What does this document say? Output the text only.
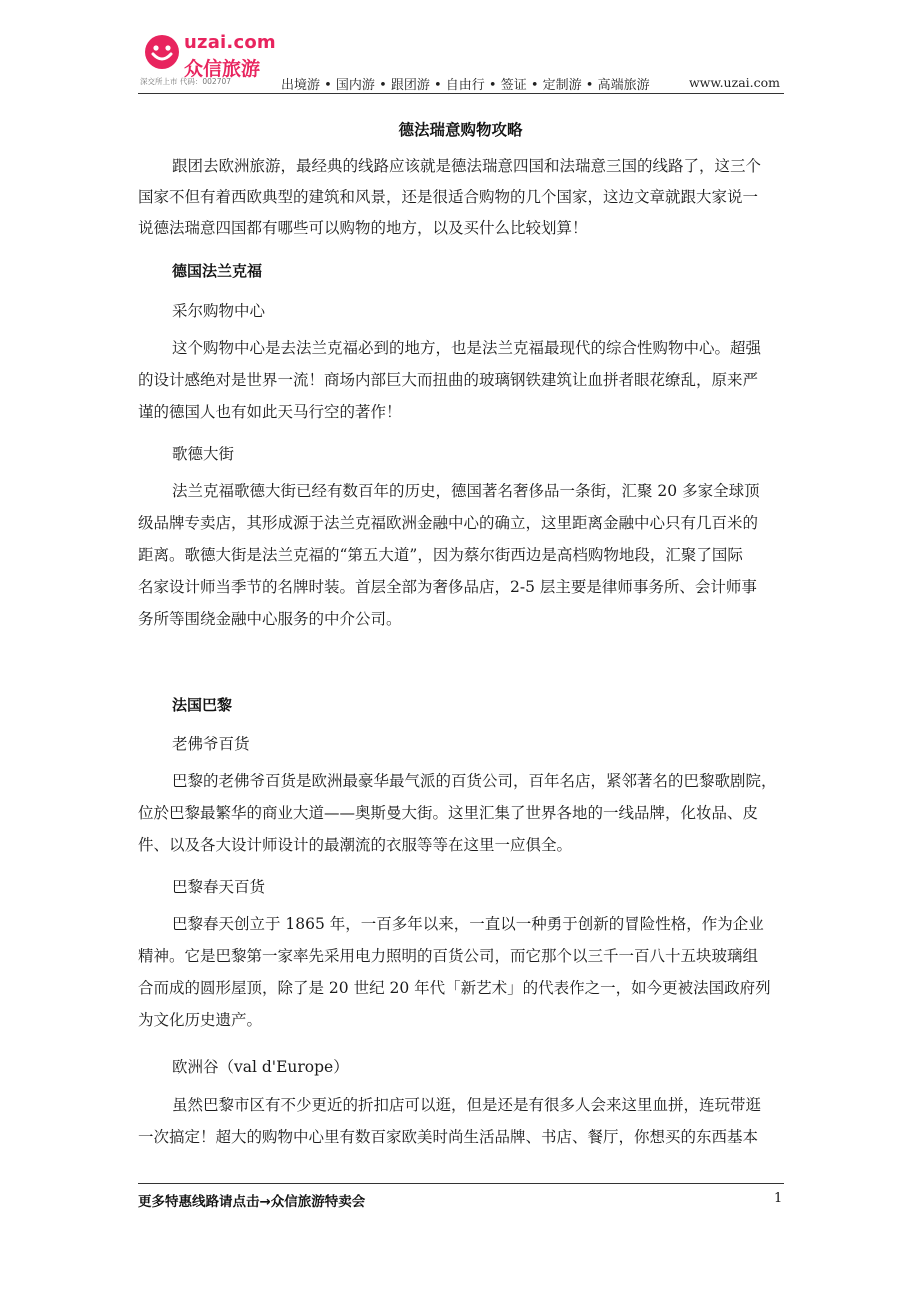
uzai.com
众信旅游
深交所上市 代码：002707	出境游 • 国内游 • 跟团游 • 自由行 • 签证 • 定制游 • 高端旅游	www.uzai.com
德法瑞意购物攻略
跟团去欧洲旅游，最经典的线路应该就是德法瑞意四国和法瑞意三国的线路了，这三个
国家不但有着西欧典型的建筑和风景，还是很适合购物的几个国家，这边文章就跟大家说一
说德法瑞意四国都有哪些可以购物的地方，以及买什么比较划算！
德国法兰克福
采尔购物中心
这个购物中心是去法兰克福必到的地方，也是法兰克福最现代的综合性购物中心。超强
的设计感绝对是世界一流！商场内部巨大而扭曲的玻璃钢铁建筑让血拼者眼花缭乱，原来严
谨的德国人也有如此天马行空的著作！
歌德大街
法兰克福歌德大街已经有数百年的历史，德国著名奢侈品一条街，汇聚 20 多家全球顶
级品牌专卖店，其形成源于法兰克福欧洲金融中心的确立，这里距离金融中心只有几百米的
距离。歌德大街是法兰克福的“第五大道”，因为蔡尔街西边是高档购物地段，汇聚了国际
名家设计师当季节的名牌时装。首层全部为奢侈品店，2-5 层主要是律师事务所、会计师事
务所等围绕金融中心服务的中介公司。
法国巴黎
老佛爷百货
巴黎的老佛爷百货是欧洲最豪华最气派的百货公司，百年名店，紧邻著名的巴黎歌剧院，
位於巴黎最繁华的商业大道——奥斯曼大街。这里汇集了世界各地的一线品牌，化妆品、皮
件、以及各大设计师设计的最潮流的衣服等等在这里一应俱全。
巴黎春天百货
巴黎春天创立于 1865 年，一百多年以来，一直以一种勇于创新的冒险性格，作为企业
精神。它是巴黎第一家率先采用电力照明的百货公司，而它那个以三千一百八十五块玻璃组
合而成的圆形屋顶，除了是 20 世纪 20 年代「新艺术」的代表作之一，如今更被法国政府列
为文化历史遗产。
欧洲谷（val d'Europe）
虽然巴黎市区有不少更近的折扣店可以逛，但是还是有很多人会来这里血拼，连玩带逛
一次搞定！超大的购物中心里有数百家欧美时尚生活品牌、书店、餐厅，你想买的东西基本
更多特惠线路请点击→众信旅游特卖会	1
